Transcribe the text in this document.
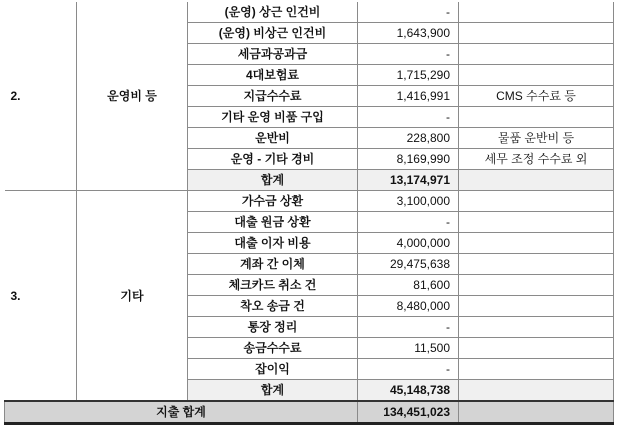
2.	운영비 등	(운영) 상근 인건비	-	
		(운영) 비상근 인건비	1,643,900	
		세금과공과금	-	
		4대보험료	1,715,290	
		지급수수료	1,416,991	CMS 수수료 등
		기타 운영 비품 구입	-	
		운반비	228,800	물품 운반비 등
		운영 - 기타 경비	8,169,990	세무 조정 수수료 외
		합계	13,174,971	
3.	기타	가수금 상환	3,100,000	
		대출 원금 상환	-	
		대출 이자 비용	4,000,000	
		계좌 간 이체	29,475,638	
		체크카드 취소 건	81,600	
		착오 송금 건	8,480,000	
		통장 정리	-	
		송금수수료	11,500	
		잡이익	-	
		합계	45,148,738	
지출 합계			134,451,023	
